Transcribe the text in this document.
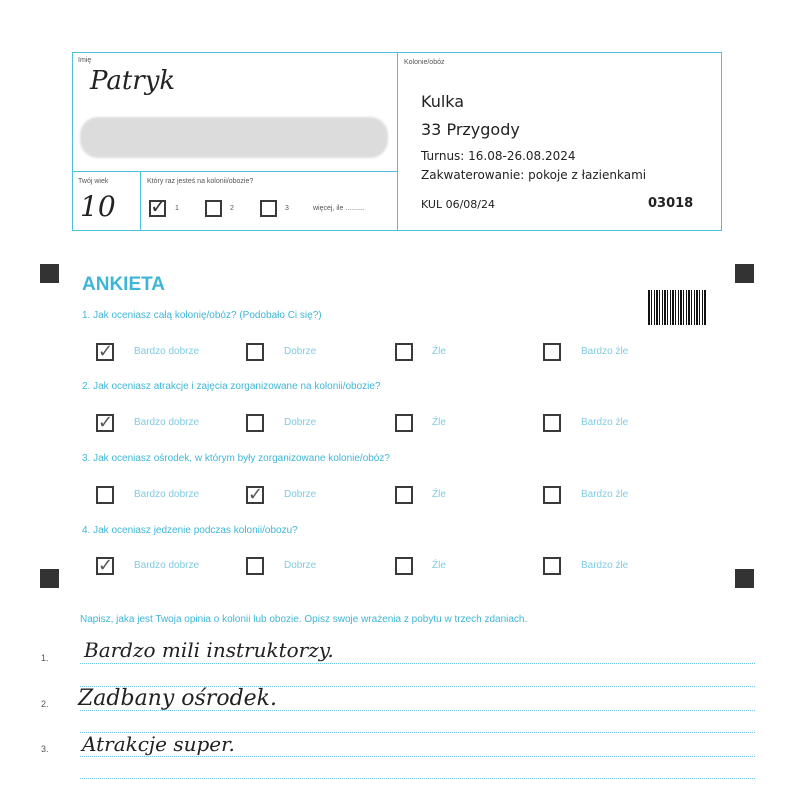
Imię
Patryk
Twój wiek
10
Który raz jesteś na kolonii/obozie?
✓ 1	2	3	więcej, ile ..........
Kolonie/obóz
Kulka
33 Przygody
Turnus: 16.08-26.08.2024
Zakwaterowanie: pokoje z łazienkami
KUL 06/08/24	03018
ANKIETA
1. Jak oceniasz całą kolonię/obóz? (Podobało Ci się?)
✓ Bardzo dobrze	Dobrze	Źle	Bardzo źle
2. Jak oceniasz atrakcje i zajęcia zorganizowane na kolonii/obozie?
✓ Bardzo dobrze	Dobrze	Źle	Bardzo źle
3. Jak oceniasz ośrodek, w którym były zorganizowane kolonie/obóz?
Bardzo dobrze	✓ Dobrze	Źle	Bardzo źle
4. Jak oceniasz jedzenie podczas kolonii/obozu?
✓ Bardzo dobrze	Dobrze	Źle	Bardzo źle
Napisz, jaka jest Twoja opinia o kolonii lub obozie. Opisz swoje wrażenia z pobytu w trzech zdaniach.
1. Bardzo mili instruktorzy.
2. Zadbany ośrodek.
3. Atrakcje super.
